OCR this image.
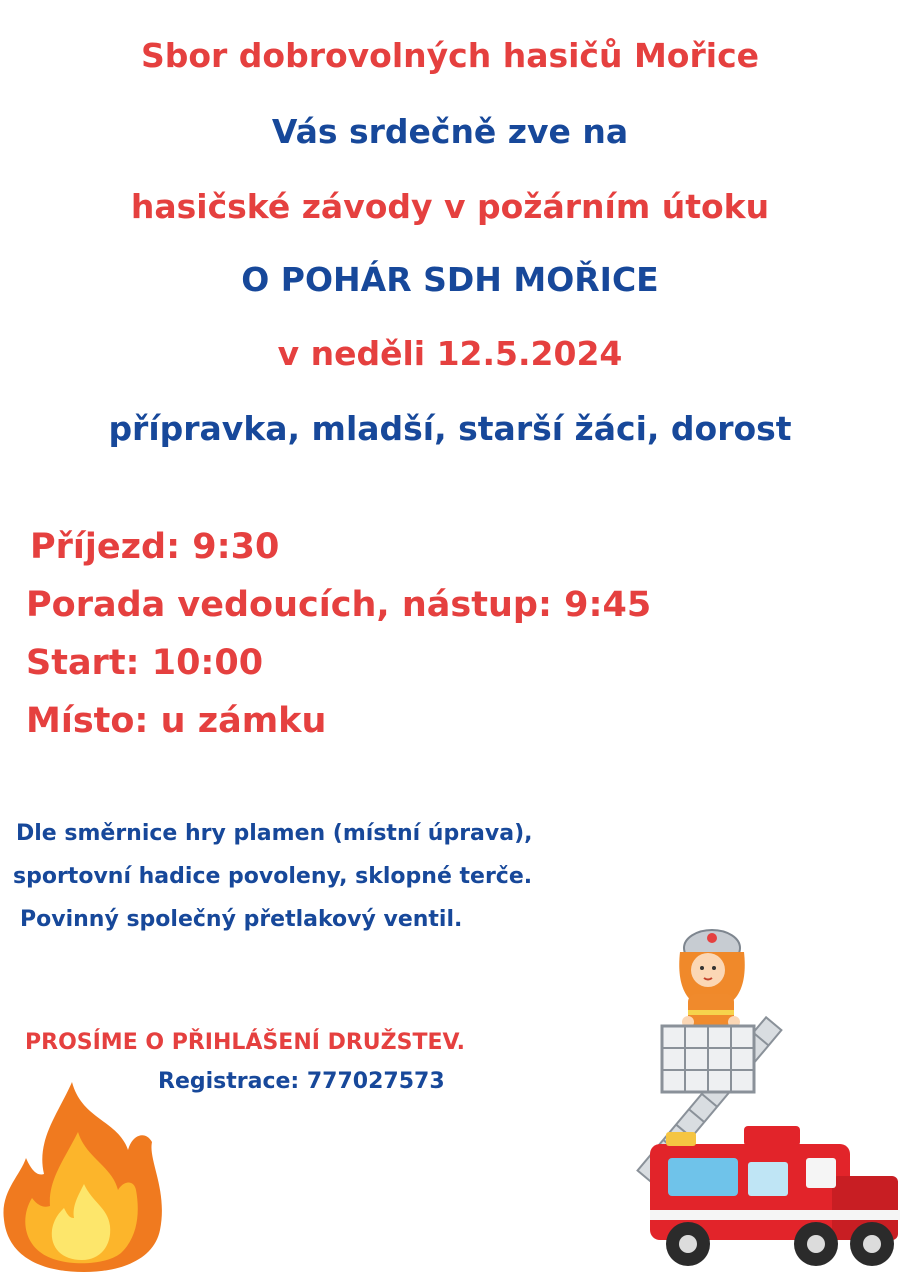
Sbor dobrovolných hasičů Mořice
Vás srdečně zve na
hasičské závody v požárním útoku
O POHÁR SDH MOŘICE
v neděli 12.5.2024
přípravka, mladší, starší žáci, dorost
Příjezd: 9:30
Porada vedoucích, nástup: 9:45
Start: 10:00
Místo: u zámku
Dle směrnice hry plamen (místní úprava),
sportovní hadice povoleny, sklopné terče.
Povinný společný přetlakový ventil.
PROSÍME O PŘIHLÁŠENÍ DRUŽSTEV.
Registrace: 777027573
